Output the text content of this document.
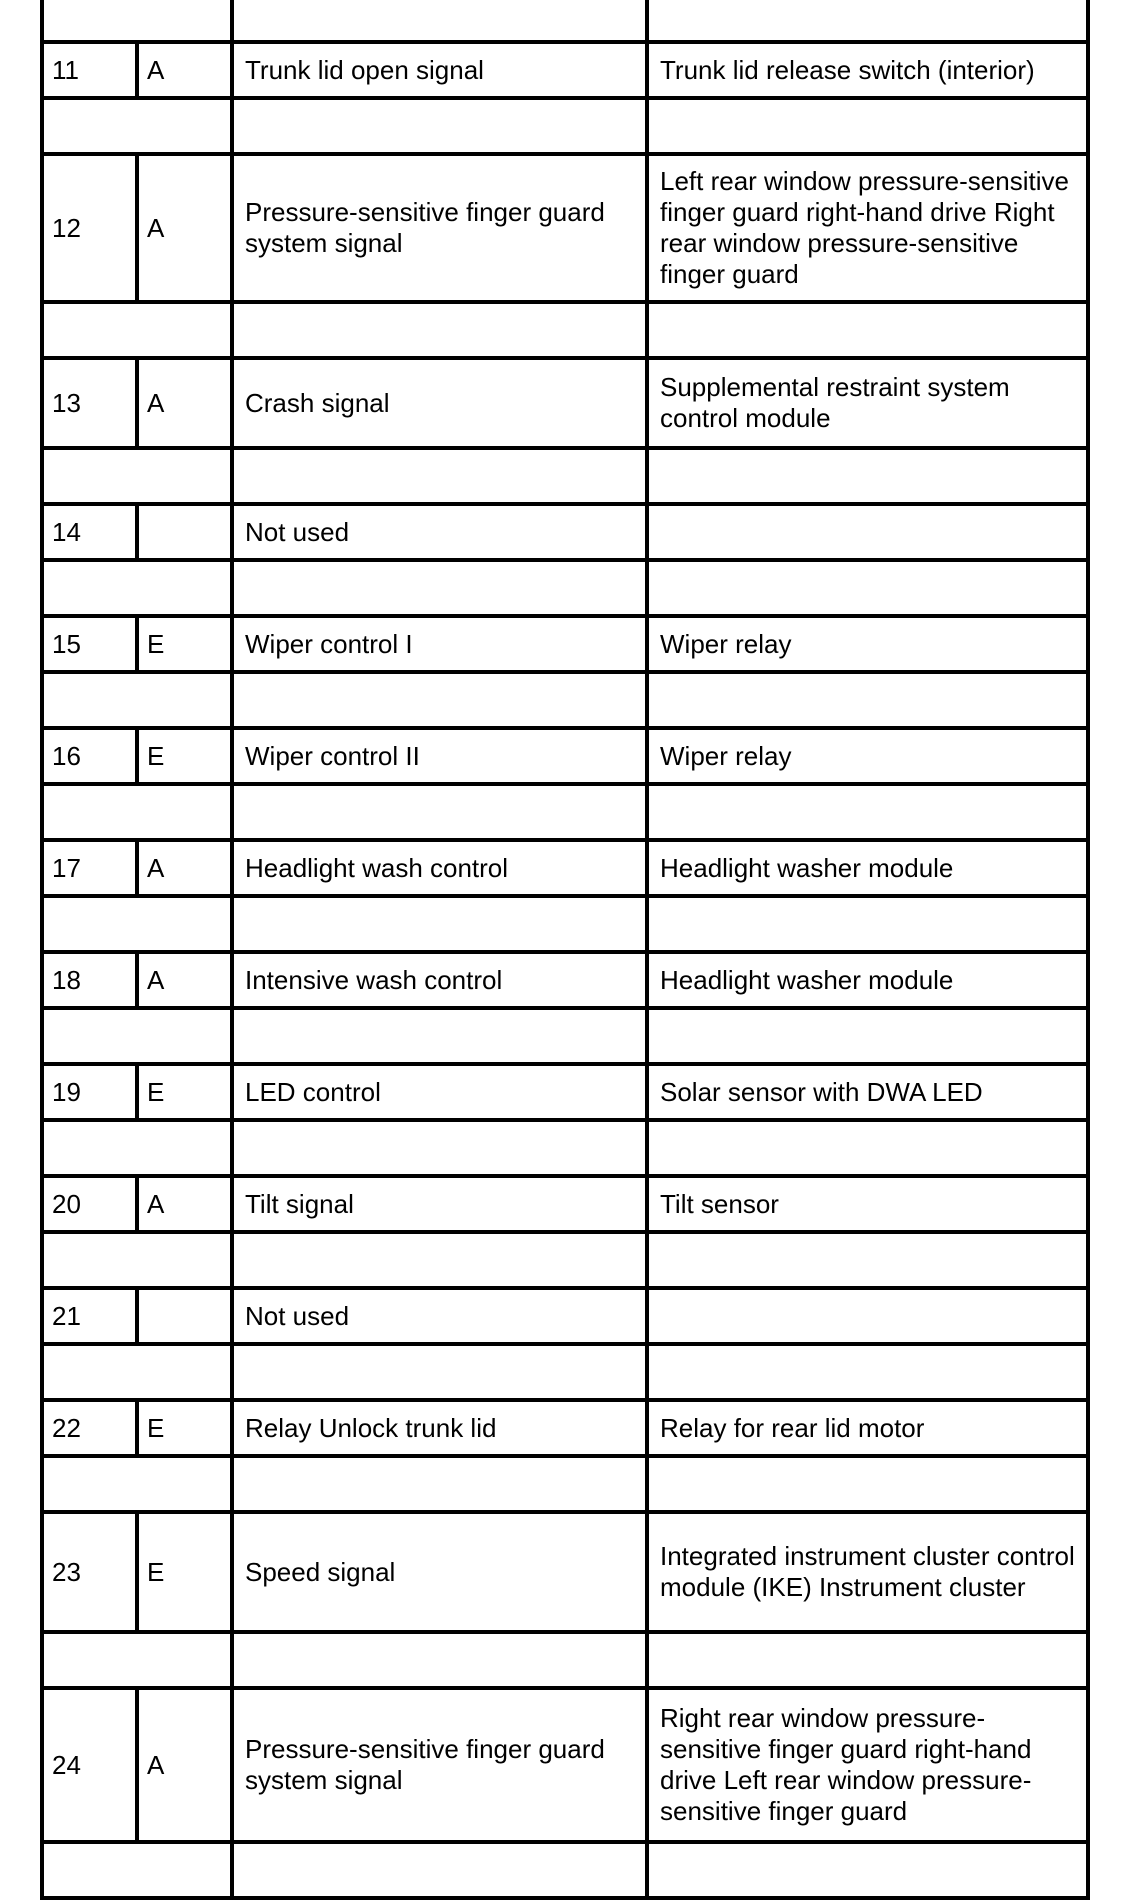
11	A	Trunk lid open signal	Trunk lid release switch (interior)

12	A	Pressure-sensitive finger guard system signal	Left rear window pressure-sensitive finger guard right-hand drive Right rear window pressure-sensitive finger guard

13	A	Crash signal	Supplemental restraint system control module

14		Not used	

15	E	Wiper control I	Wiper relay

16	E	Wiper control II	Wiper relay

17	A	Headlight wash control	Headlight washer module

18	A	Intensive wash control	Headlight washer module

19	E	LED control	Solar sensor with DWA LED

20	A	Tilt signal	Tilt sensor

21		Not used	

22	E	Relay Unlock trunk lid	Relay for rear lid motor

23	E	Speed signal	Integrated instrument cluster control module (IKE) Instrument cluster

24	A	Pressure-sensitive finger guard system signal	Right rear window pressure-sensitive finger guard right-hand drive Left rear window pressure-sensitive finger guard
